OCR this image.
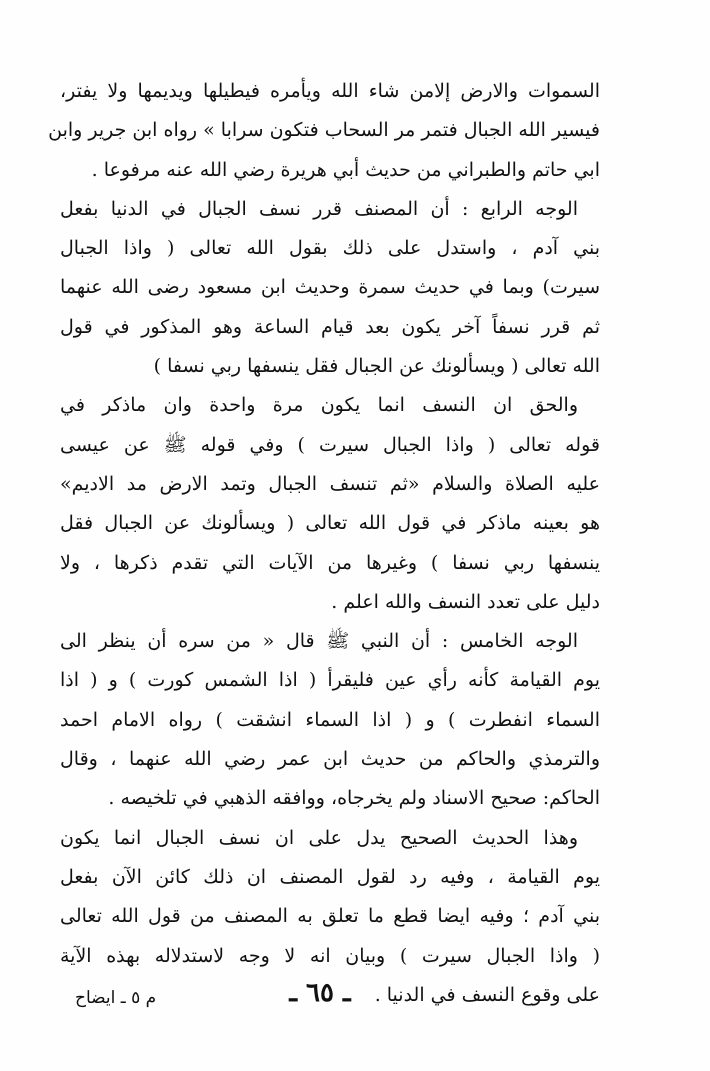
السموات والارض إلامن شاء الله ويأمره فيطيلها ويديمها ولا يفتر،
فيسير الله الجبال فتمر مر السحاب فتكون سرابا » رواه ابن جرير وابن
ابي حاتم والطبراني من حديث أبي هريرة رضي الله عنه مرفوعا .
الوجه الرابع : أن المصنف قرر نسف الجبال في الدنيا بفعل
بني آدم ، واستدل على ذلك بقول الله تعالى ( واذا الجبال
سيرت) وبما في حديث سمرة وحديث ابن مسعود رضى الله عنهما
ثم قرر نسفاً آخر يكون بعد قيام الساعة وهو المذكور في قول
الله تعالى ( ويسألونك عن الجبال فقل ينسفها ربي نسفا )
والحق ان النسف انما يكون مرة واحدة وان ماذكر في
قوله تعالى ( واذا الجبال سيرت ) وفي قوله ﷺ عن عيسى
عليه الصلاة والسلام «ثم تنسف الجبال وتمد الارض مد الاديم»
هو بعينه ماذكر في قول الله تعالى ( ويسألونك عن الجبال فقل
ينسفها ربي نسفا ) وغيرها من الآيات التي تقدم ذكرها ، ولا
دليل على تعدد النسف والله اعلم .
الوجه الخامس : أن النبي ﷺ قال « من سره أن ينظر الى
يوم القيامة كأنه رأي عين فليقرأ ( اذا الشمس كورت ) و ( اذا
السماء انفطرت ) و ( اذا السماء انشقت ) رواه الامام احمد
والترمذي والحاكم من حديث ابن عمر رضي الله عنهما ، وقال
الحاكم: صحيح الاسناد ولم يخرجاه، ووافقه الذهبي في تلخيصه .
وهذا الحديث الصحيح يدل على ان نسف الجبال انما يكون
يوم القيامة ، وفيه رد لقول المصنف ان ذلك كائن الآن بفعل
بني آدم ؛ وفيه ايضا قطع ما تعلق به المصنف من قول الله تعالى
( واذا الجبال سيرت ) وبيان انه لا وجه لاستدلاله بهذه الآية
على وقوع النسف في الدنيا .
ـ ٦٥ ـ
م ٥ ـ ايضاح
